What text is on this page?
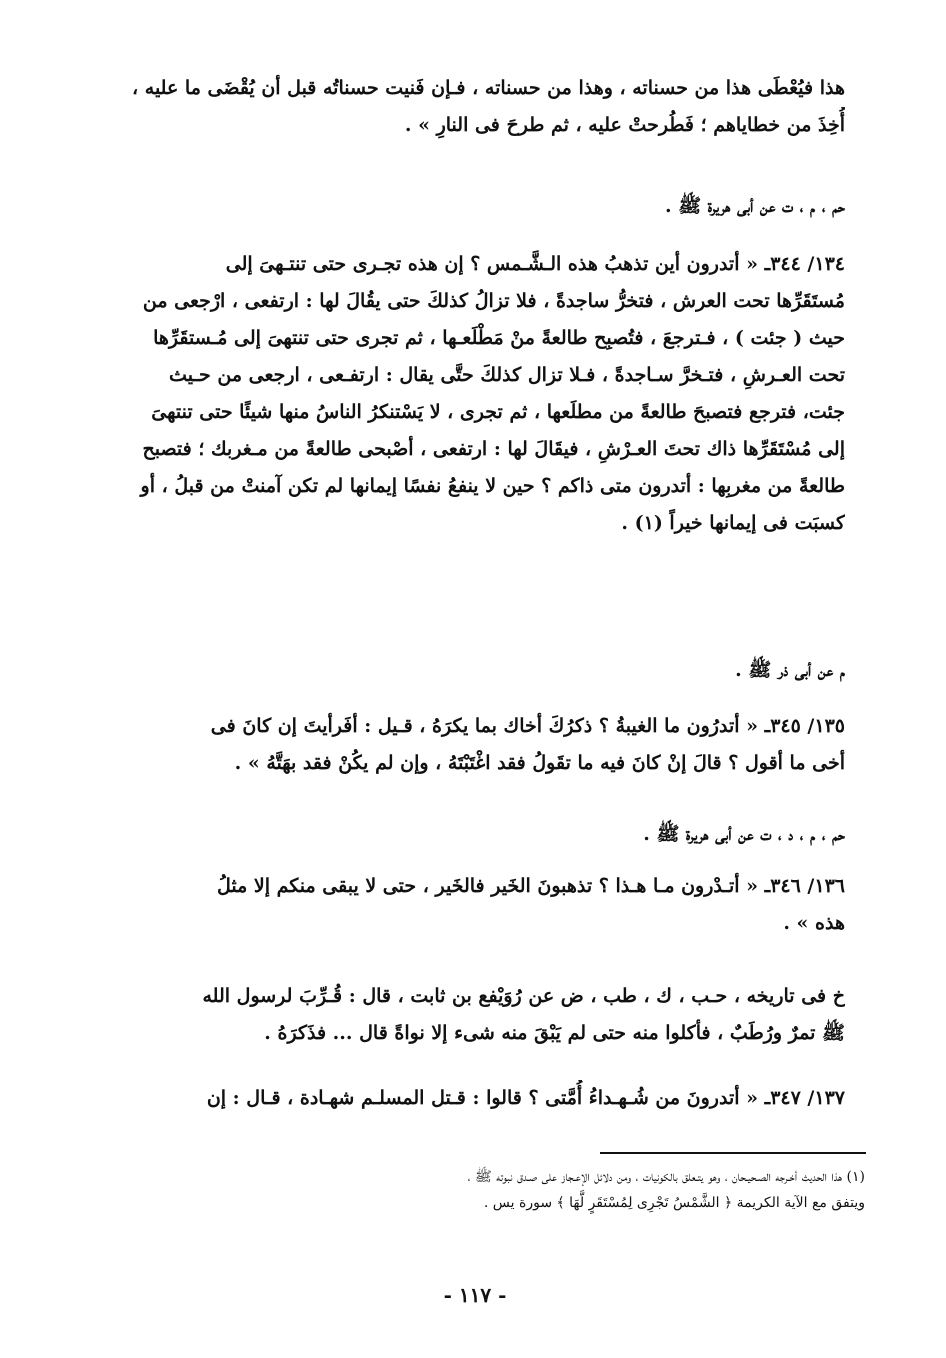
هذا فيُعْطَى هذا من حسناته ، وهذا من حسناته ، فـإن فَنيت حسناتُه قبل أن يُقْضَى ما عليه ،
أُخِذَ من خطاياهم ؛ فَطُرحتْ عليه ، ثم طرحَ فى النارِ » .
حم ، م ، ت عن أبى هريرة ﷺ .
١٣٤/ ٣٤٤ـ « أتدرون أين تذهبُ هذه الـشَّـمس ؟ إن هذه تجـرى حتى تنتـهىَ إلى
مُستَقَرِّها تحت العرش ، فتخرُّ ساجدةً ، فلا تزالُ كذلكَ حتى يقُالَ لها : ارتفعى ، ارْجعى من
حيث ( جئت ) ، فـترجعَ ، فتُصبِح طالعةً منْ مَطْلَعـها ، ثم تجرى حتى تنتهىَ إلى مُـستقَرِّها
تحت العـرشِ ، فتـخرَّ سـاجدةً ، فـلا تزال كذلكَ حتَّى يقال : ارتفـعى ، ارجعى من حـيث
جئت، فترجع فتصبحَ طالعةً من مطلَعها ، ثم تجرى ، لا يَسْتنكرُ الناسُ منها شيئًا حتى تنتهىَ
إلى مُسْتَقَرِّها ذاك تحتَ العـرْشِ ، فيقَالَ لها : ارتفعى ، أصْبحى طالعةً من مـغربك ؛ فتصبح
طالعةً من مغربِها : أتدرون متى ذاكم ؟ حين لا ينفعُ نفسًا إيمانها لم تكن آمنتْ من قبلُ ، أو
كسبَت فى إيمانها خيراً (١) .
م عن أبى ذر ﷺ .
١٣٥/ ٣٤٥ـ « أتدرُون ما الغيبةُ ؟ ذكرُكَ أخاك بما يكرَهُ ، قـيل : أفَرأيتَ إن كانَ فى
أخى ما أقول ؟ قالَ إنْ كانَ فيه ما تقَولُ فقد اغْتَبْتَهُ ، وإن لم يكُنْ فقد بهَتَّهُ » .
حم ، م ، د ، ت عن أبى هريرة ﷺ .
١٣٦/ ٣٤٦ـ « أتـدْرون مـا هـذا ؟ تذهبونَ الخَير فالخَير ، حتى لا يبقى منكم إلا مثلُ
هذه » .
خ فى تاريخه ، حـب ، ك ، طب ، ض عن رُوَيْفع بن ثابت ، قال : قُـرِّبَ لرسول الله
ﷺ تمرٌ ورُطَبٌ ، فأكلوا منه حتى لم يَبْقَ منه شىء إلا نواةً قال ... فذَكرَهُ .
١٣٧/ ٣٤٧ـ « أتدرونَ من شُـهـداءُ أُمَّتى ؟ قالوا : قـتل المسلـم شهـادة ، قـال : إن
(١) هذا الحديث أخـرجه الصـحيـحان ، وهو يتـعلق بالكونيات ، ومن دلائل الإعـجاز على صـدق نبوته ﷺ ،
ويتفق مع الآية الكريمة ﴿ الشَّمْسُ تَجْرِى لِمُسْتَقَرٍ لَّهَا ﴾ سورة يس .
- ١١٧ -
